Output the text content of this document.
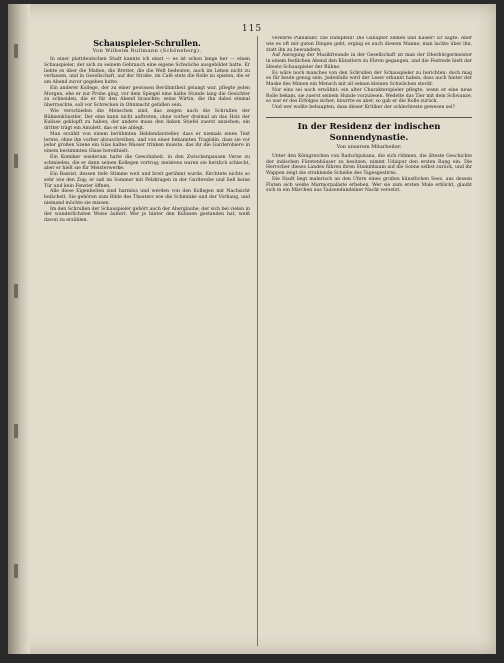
115
Schauspieler-Schrullen.
Von Wilhelm Rullmann (Schöneberg).

In einer plattdeutschen Stadt kannte ich einst — es ist schon lange her — einen Schauspieler, der sich zu seinem Gebrauch eine eigene Schwäche ausgebildet hatte. Er liebte es über die Maßen, die Bretter, die die Welt bedeuten, auch im Leben nicht zu verlassen, und in Gesellschaft, auf der Straße, im Café stets die Rolle zu spielen, die er am Abend zuvor gegeben hatte.

Ein anderer Kollege, der zu einer gewissen Berühmtheit gelangt war, pflegte jeden Morgen, ehe er zur Probe ging, vor dem Spiegel eine halbe Stunde lang die Gesichter zu schneiden, die er für den Abend brauchte; seine Wirtin, die ihn dabei einmal überraschte, soll vor Schrecken in Ohnmacht gefallen sein.

Wie verschieden die Menschen sind, das zeigen auch die Schrullen der Bühnenkünstler. Der eine kann nicht auftreten, ohne vorher dreimal an das Holz der Kulisse geklopft zu haben; der andere muss den linken Stiefel zuerst anziehen; ein dritter trägt ein Amulett, das er nie ablegt.

Man erzählt von einem berühmten Heldendarsteller, dass er niemals einen Text lernte, ohne ihn vorher abzuschreiben, und von einer bekannten Tragödin, dass sie vor jeder großen Szene ein Glas kaltes Wasser trinken musste, das ihr die Garderobiere in einem bestimmten Glase bereithielt.

Ein Komiker wiederum hatte die Gewohnheit, in den Zwischenpausen Verse zu schmieden, die er dann seinen Kollegen vortrug; meistens waren sie herzlich schlecht, aber er hielt sie für Meisterwerke.

Ein Bassist, dessen tiefe Stimme weit und breit gerühmt wurde, fürchtete nichts so sehr wie den Zug; er saß im Sommer mit Pelzkragen in der Garderobe und ließ keine Tür und kein Fenster öffnen.

Alle diese Eigenheiten sind harmlos und werden von den Kollegen mit Nachsicht belächelt. Sie gehören zum Bilde des Theaters wie die Schminke und der Vorhang, und niemand möchte sie missen.

Im den Schrullen der Schauspieler gehört auch der Aberglaube, der sich bei vielen in der wunderlichsten Weise äußert. Wer je hinter den Kulissen gestanden hat, weiß davon zu erzählen.

verehrte Publikum! Die Rumpfeln! Die Galläpfer ziehen und Kaiser! Er sagte: Aber wie es oft mit guten Dingen geht, erging es auch diesem Manne; man lachte über ihn, statt ihn zu bewundern.

Auf Anregung der Musikfreunde in der Gesellschaft ist man der Oberbürgermeister in einem festlichen Abend den Künstlern zu Ehren gegangen, und die Festrede hielt der älteste Schauspieler der Bühne.

Es wäre noch manches von den Schrullen der Schauspieler zu berichten; doch mag es für heute genug sein. Jedenfalls wird der Leser erkannt haben, dass auch hinter der Maske des Mimen ein Mensch mit all seinen kleinen Schwächen steckt.

Nur eins sei noch erwähnt: ein alter Charakterspieler pflegte, wenn er eine neue Rolle bekam, sie zuerst seinem Hunde vorzulesen. Wedelte das Tier mit dem Schwanze, so war er des Erfolges sicher; knurrte es aber, so gab er die Rolle zurück.

Und wer wollte behaupten, dass dieser Kritiker der schlechteste gewesen sei?

In der Residenz der indischen Sonnendynastie.
Von unserem Mitarbeiter.

Unter den Königreichen von Radschputana, die sich rühmen, die älteste Geschichte der indischen Fürstenhäuser zu besitzen, nimmt Udaipur den ersten Rang ein. Die Herrscher dieses Landes führen ihren Stammbaum auf die Sonne selbst zurück, und ihr Wappen zeigt die strahlende Scheibe des Tagesgestirns.

Die Stadt liegt malerisch an den Ufern eines großen künstlichen Sees, aus dessen Fluten sich weiße Marmorpaläste erheben. Wer sie zum ersten Male erblickt, glaubt sich in ein Märchen aus Tausendundeiner Nacht versetzt.
